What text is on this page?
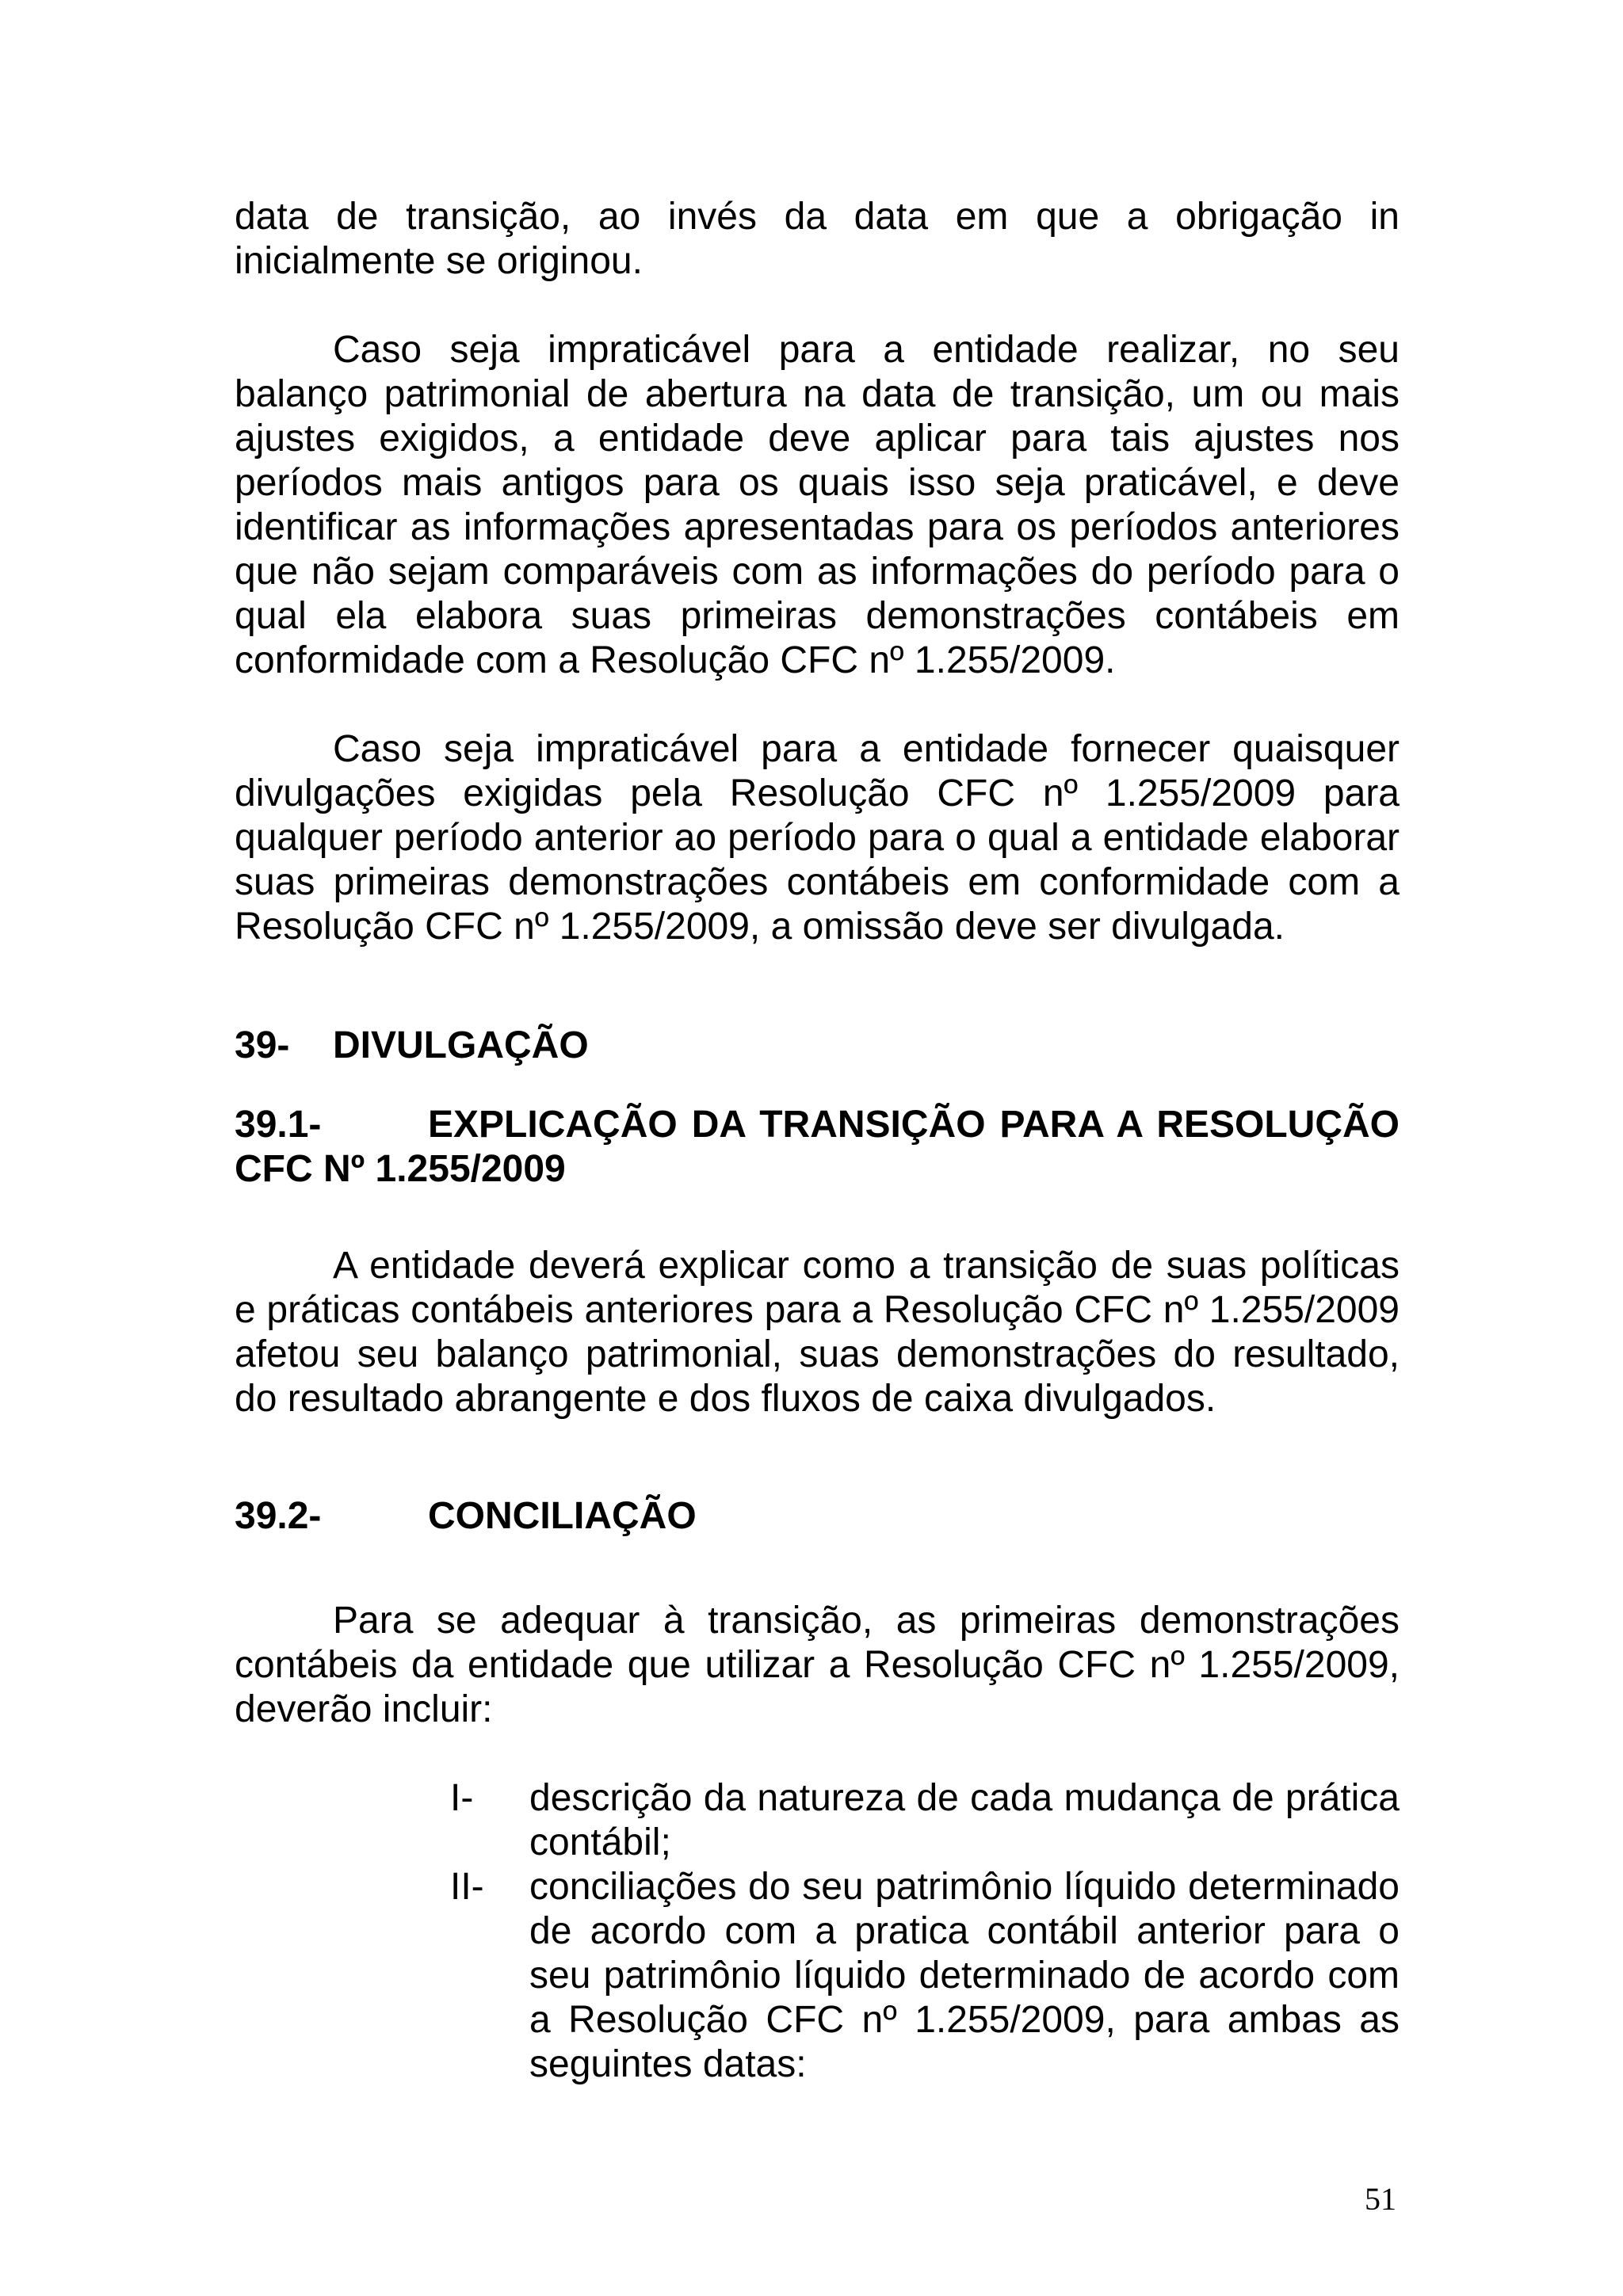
data de transição, ao invés da data em que a obrigação in inicialmente se originou.

Caso seja impraticável para a entidade realizar, no seu balanço patrimonial de abertura na data de transição, um ou mais ajustes exigidos, a entidade deve aplicar para tais ajustes nos períodos mais antigos para os quais isso seja praticável, e deve identificar as informações apresentadas para os períodos anteriores que não sejam comparáveis com as informações do período para o qual ela elabora suas primeiras demonstrações contábeis em conformidade com a Resolução CFC nº 1.255/2009.

Caso seja impraticável para a entidade fornecer quaisquer divulgações exigidas pela Resolução CFC nº 1.255/2009 para qualquer período anterior ao período para o qual a entidade elaborar suas primeiras demonstrações contábeis em conformidade com a Resolução CFC nº 1.255/2009, a omissão deve ser divulgada.

39- DIVULGAÇÃO
39.1-	EXPLICAÇÃO DA TRANSIÇÃO PARA A RESOLUÇÃO CFC Nº 1.255/2009

A entidade deverá explicar como a transição de suas políticas e práticas contábeis anteriores para a Resolução CFC nº 1.255/2009 afetou seu balanço patrimonial, suas demonstrações do resultado, do resultado abrangente e dos fluxos de caixa divulgados.

39.2-	CONCILIAÇÃO

Para se adequar à transição, as primeiras demonstrações contábeis da entidade que utilizar a Resolução CFC nº 1.255/2009, deverão incluir:

I-	descrição da natureza de cada mudança de prática contábil;
II-	conciliações do seu patrimônio líquido determinado de acordo com a pratica contábil anterior para o seu patrimônio líquido determinado de acordo com a Resolução CFC nº 1.255/2009, para ambas as seguintes datas:
51
